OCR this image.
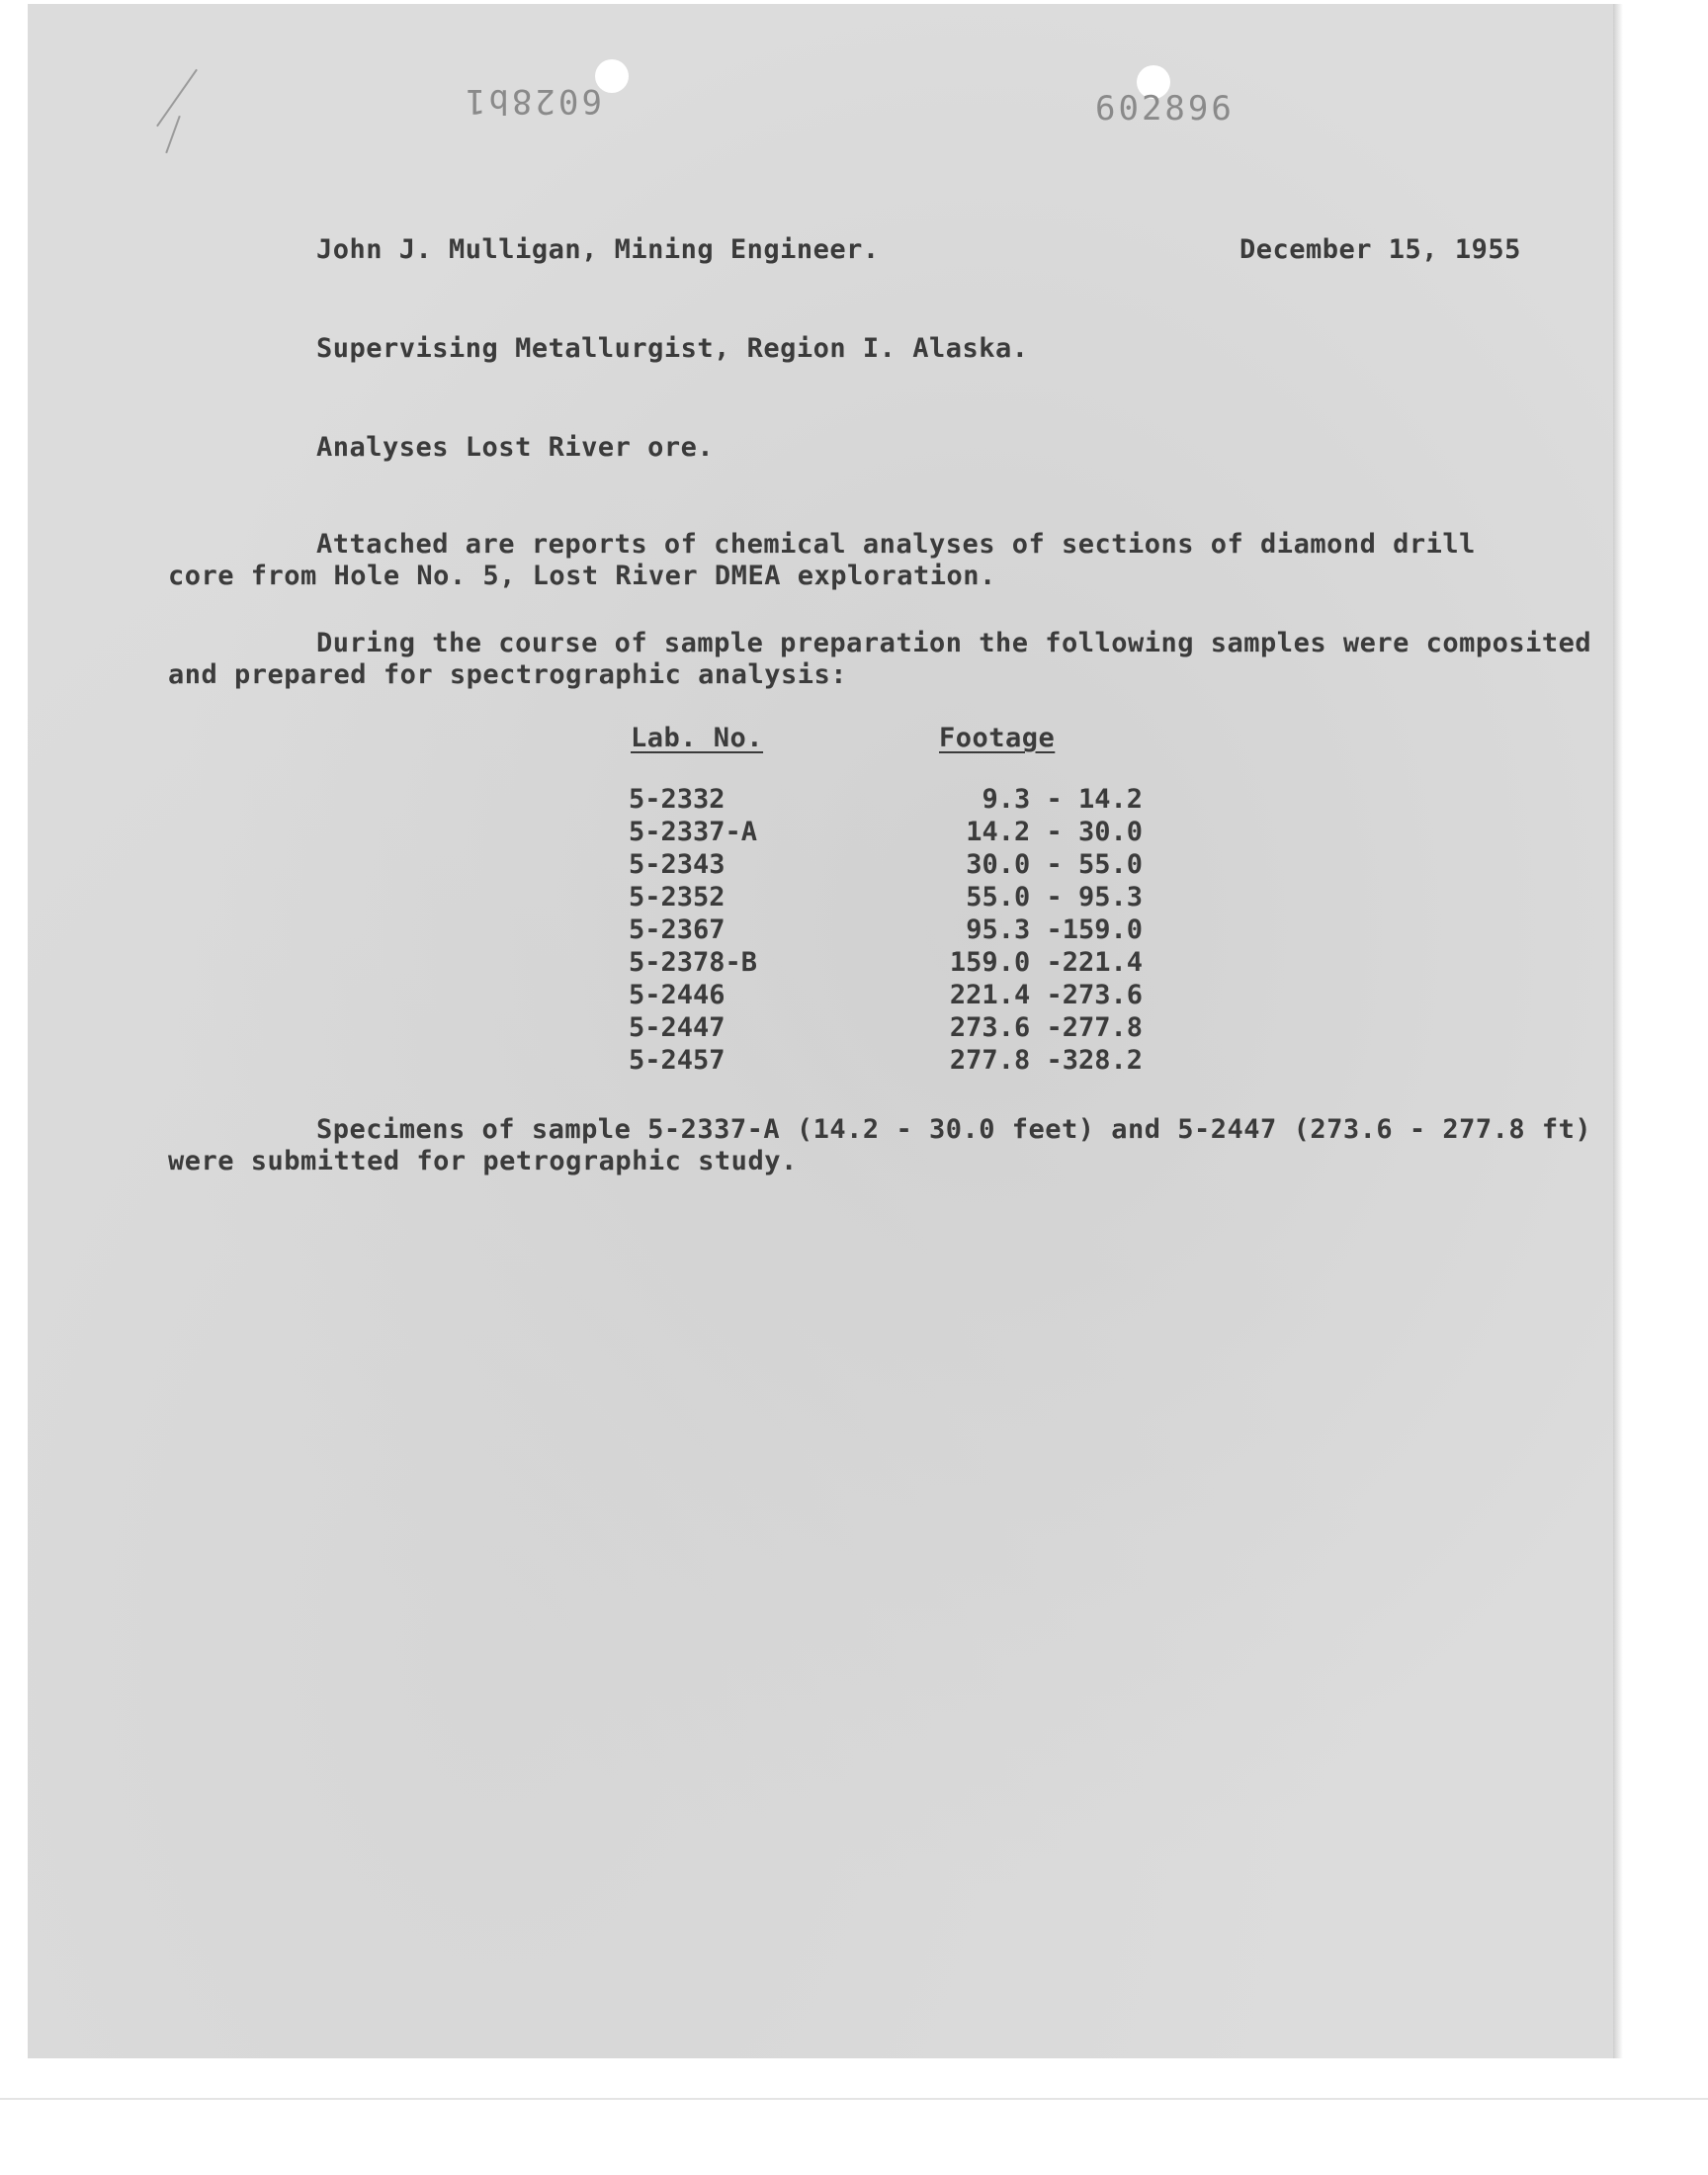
6028b1	602896
John J. Mulligan, Mining Engineer.	December 15, 1955
Supervising Metallurgist, Region I. Alaska.
Analyses Lost River ore.
Attached are reports of chemical analyses of sections of diamond drill
core from Hole No. 5, Lost River DMEA exploration.
During the course of sample preparation the following samples were composited
and prepared for spectrographic analysis:
Lab. No.	Footage
5-2332	9.3 - 14.2
5-2337-A	14.2 - 30.0
5-2343	30.0 - 55.0
5-2352	55.0 - 95.3
5-2367	95.3 -159.0
5-2378-B	159.0 -221.4
5-2446	221.4 -273.6
5-2447	273.6 -277.8
5-2457	277.8 -328.2
Specimens of sample 5-2337-A (14.2 - 30.0 feet) and 5-2447 (273.6 - 277.8 ft)
were submitted for petrographic study.
